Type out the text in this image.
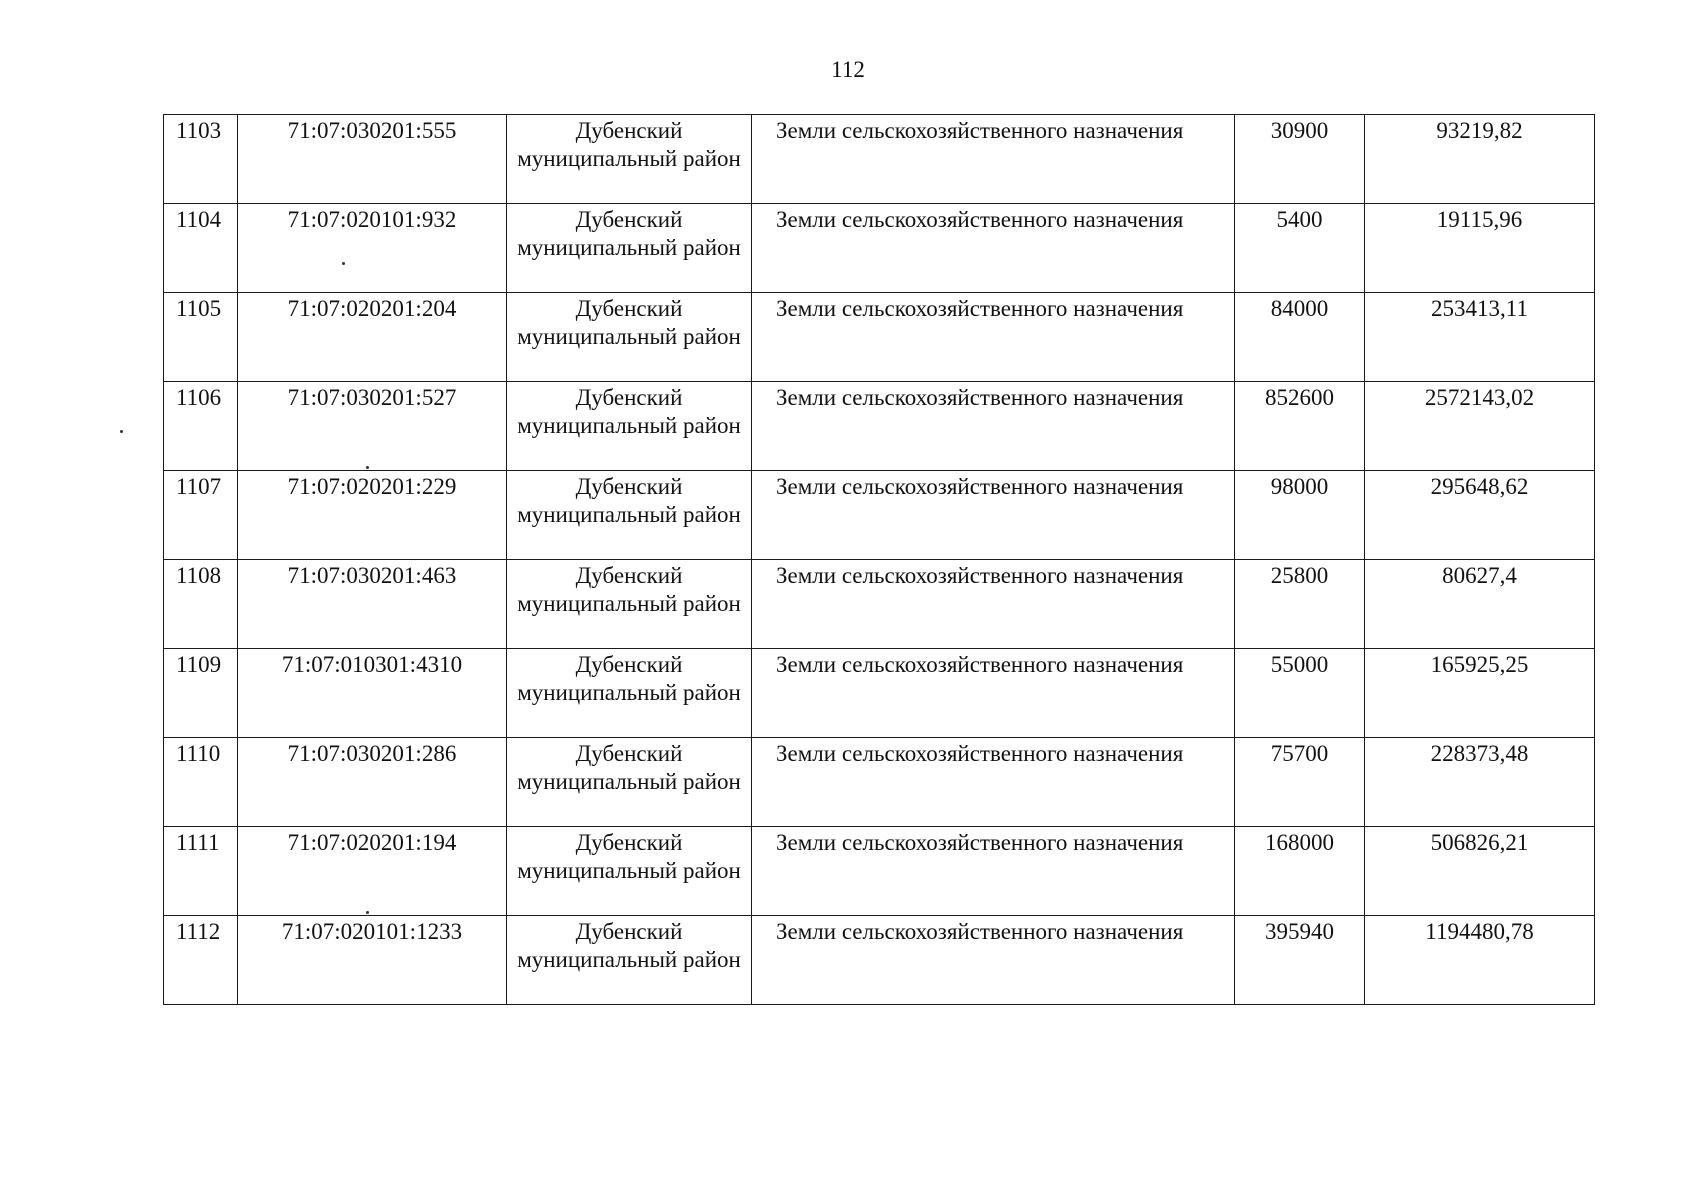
112
1103	71:07:030201:555	Дубенский муниципальный район	Земли сельскохозяйственного назначения	30900	93219,82
1104	71:07:020101:932	Дубенский муниципальный район	Земли сельскохозяйственного назначения	5400	19115,96
1105	71:07:020201:204	Дубенский муниципальный район	Земли сельскохозяйственного назначения	84000	253413,11
1106	71:07:030201:527	Дубенский муниципальный район	Земли сельскохозяйственного назначения	852600	2572143,02
1107	71:07:020201:229	Дубенский муниципальный район	Земли сельскохозяйственного назначения	98000	295648,62
1108	71:07:030201:463	Дубенский муниципальный район	Земли сельскохозяйственного назначения	25800	80627,4
1109	71:07:010301:4310	Дубенский муниципальный район	Земли сельскохозяйственного назначения	55000	165925,25
1110	71:07:030201:286	Дубенский муниципальный район	Земли сельскохозяйственного назначения	75700	228373,48
1111	71:07:020201:194	Дубенский муниципальный район	Земли сельскохозяйственного назначения	168000	506826,21
1112	71:07:020101:1233	Дубенский муниципальный район	Земли сельскохозяйственного назначения	395940	1194480,78
